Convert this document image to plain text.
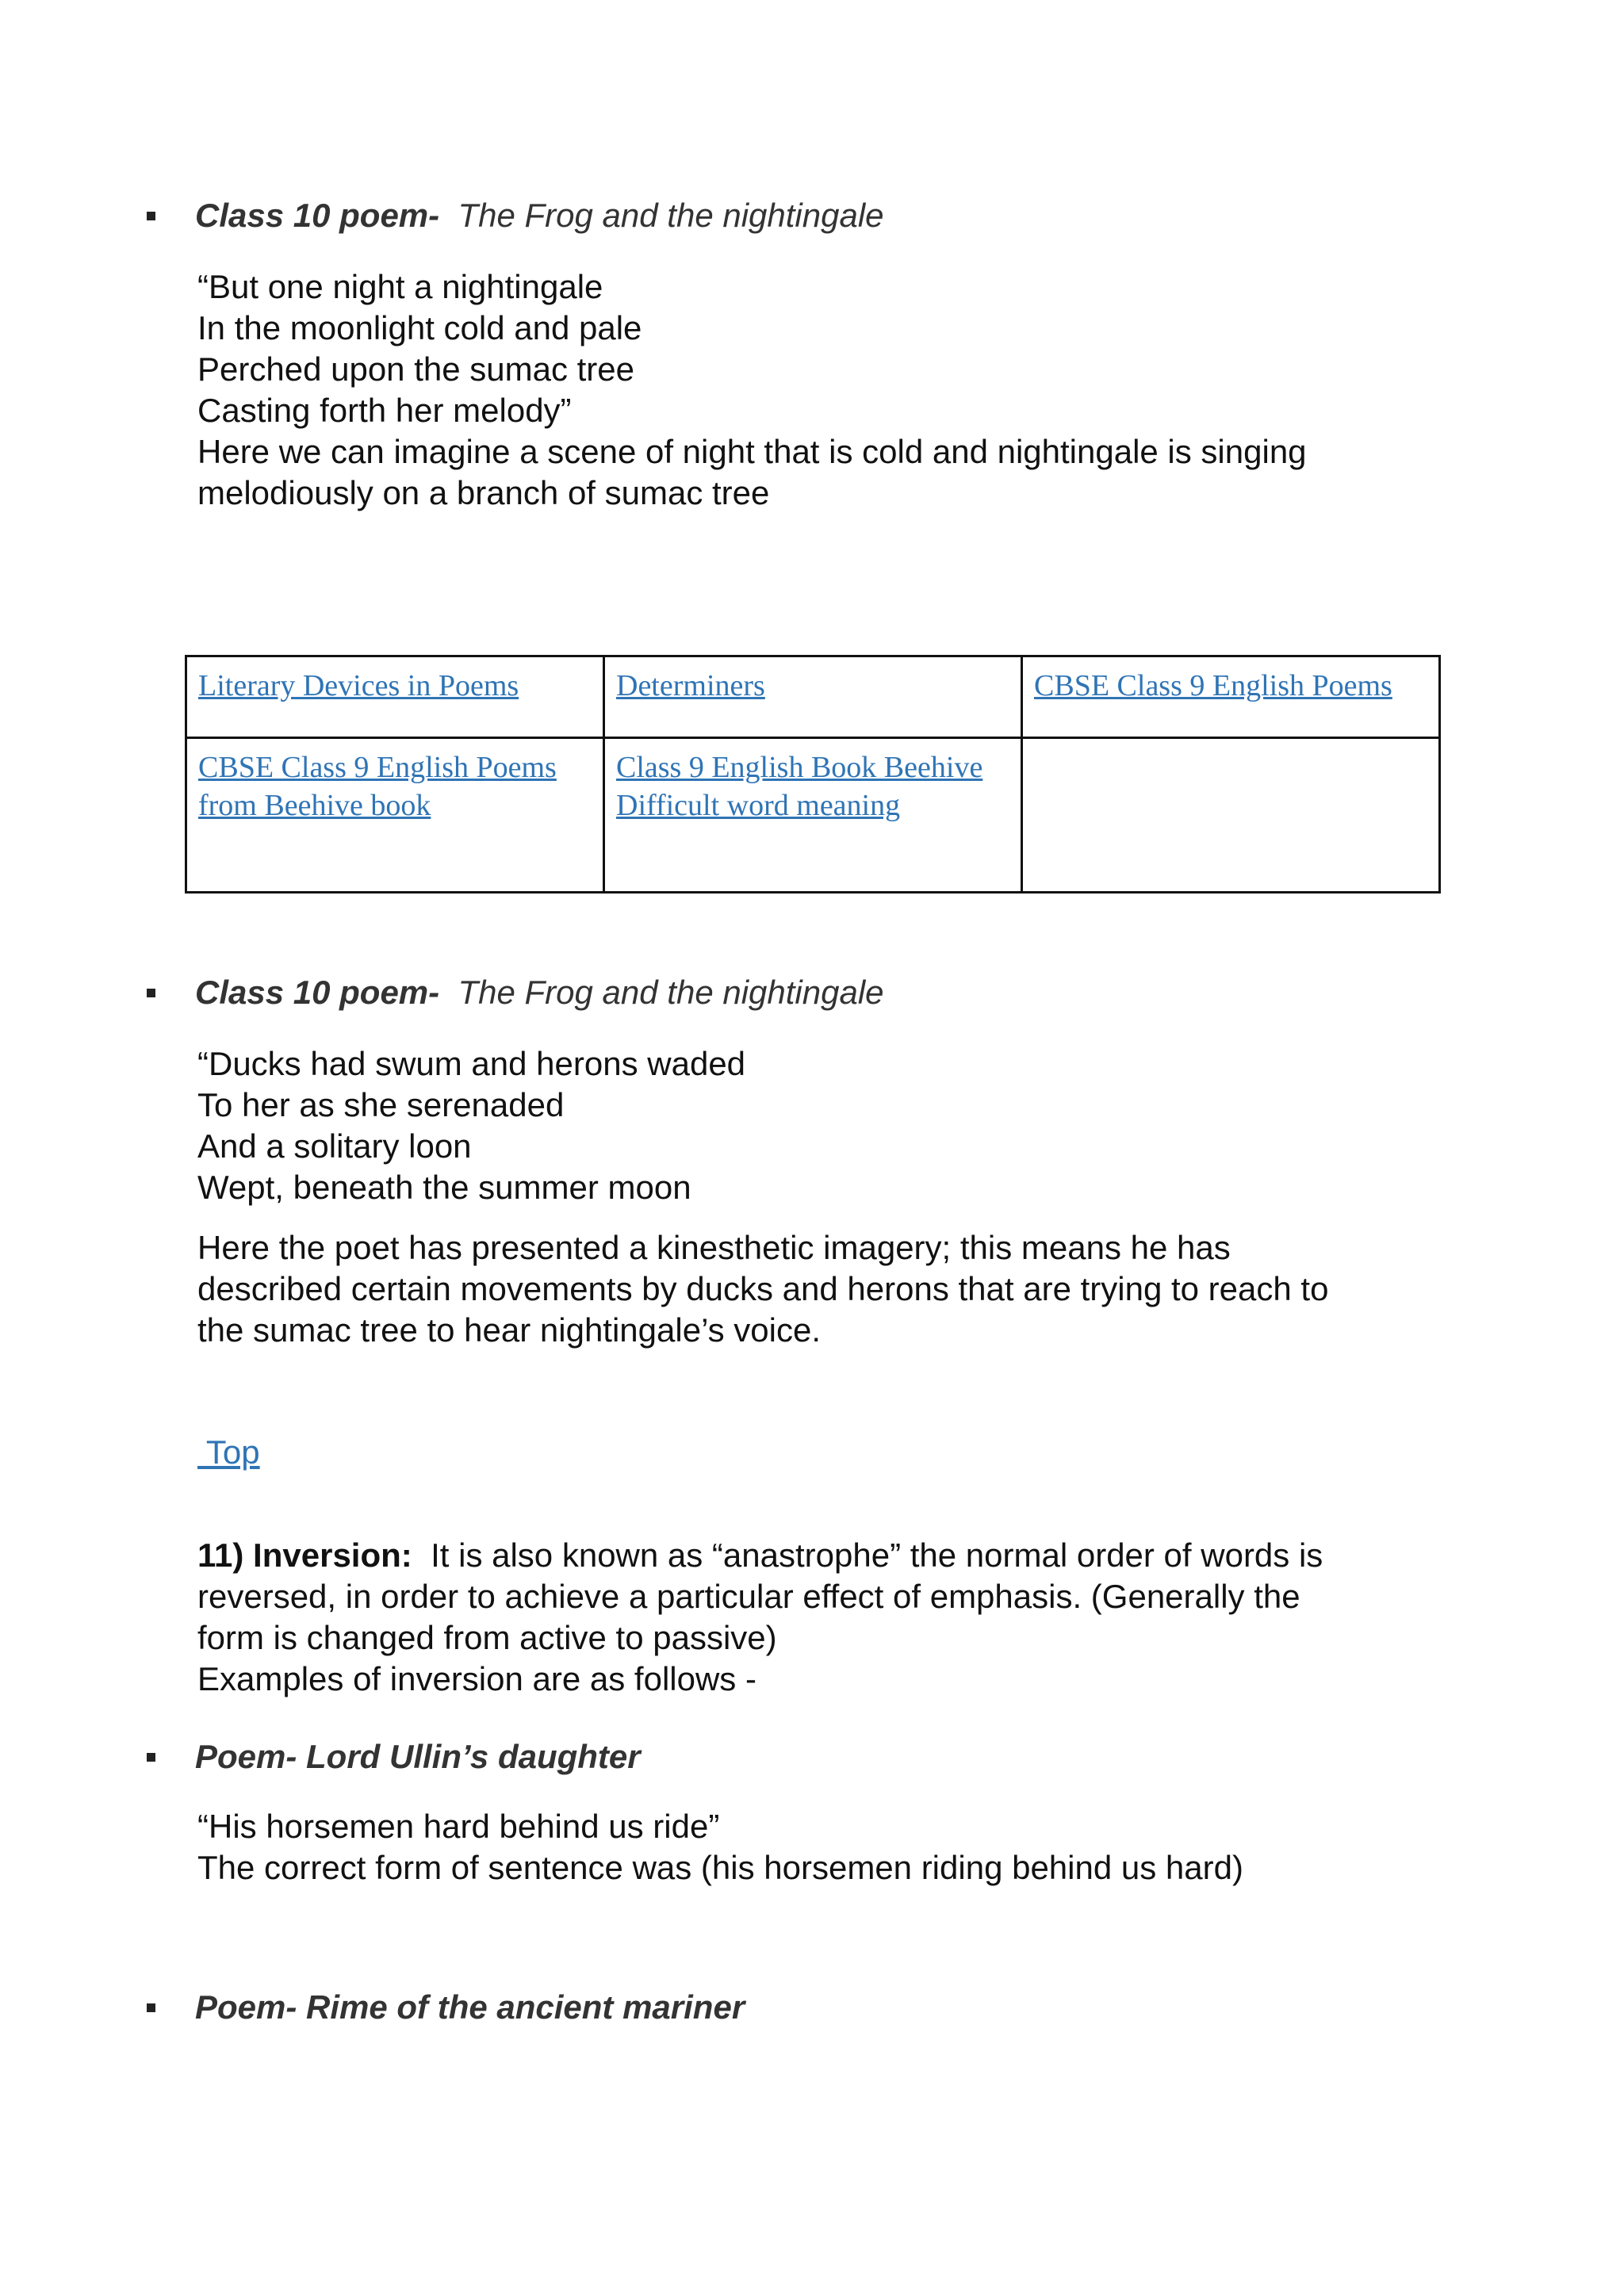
Class 10 poem- The Frog and the nightingale
“But one night a nightingale
In the moonlight cold and pale
Perched upon the sumac tree
Casting forth her melody”
Here we can imagine a scene of night that is cold and nightingale is singing
melodiously on a branch of sumac tree
Literary Devices in Poems	Determiners	CBSE Class 9 English Poems
CBSE Class 9 English Poems from Beehive book	Class 9 English Book Beehive Difficult word meaning	
Class 10 poem- The Frog and the nightingale
“Ducks had swum and herons waded
To her as she serenaded
And a solitary loon
Wept, beneath the summer moon
Here the poet has presented a kinesthetic imagery; this means he has
described certain movements by ducks and herons that are trying to reach to
the sumac tree to hear nightingale’s voice.
Top
11) Inversion: It is also known as “anastrophe” the normal order of words is
reversed, in order to achieve a particular effect of emphasis. (Generally the
form is changed from active to passive)
Examples of inversion are as follows -
Poem- Lord Ullin’s daughter
“His horsemen hard behind us ride”
The correct form of sentence was (his horsemen riding behind us hard)
Poem- Rime of the ancient mariner
